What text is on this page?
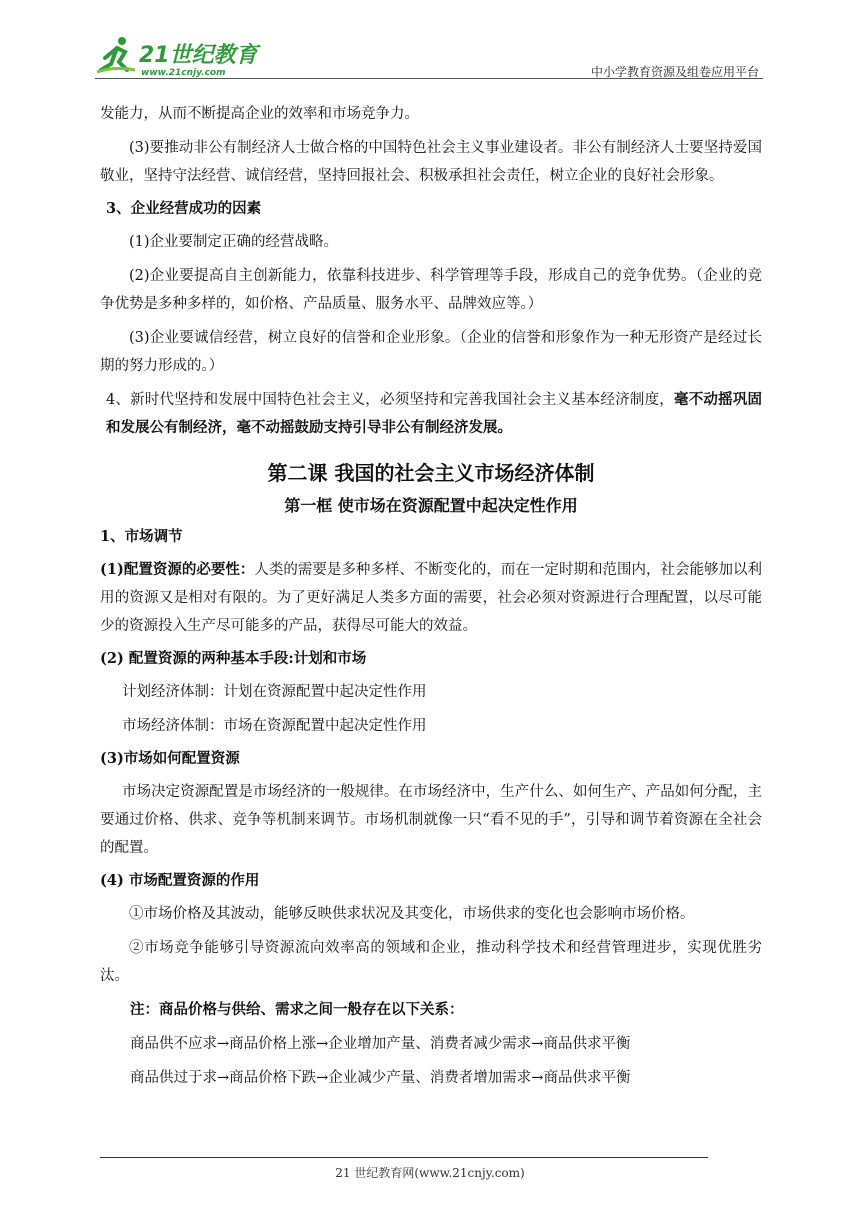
21世纪教育
www.21cnjy.com	中小学教育资源及组卷应用平台

发能力，从而不断提高企业的效率和市场竞争力。

(3)要推动非公有制经济人士做合格的中国特色社会主义事业建设者。非公有制经济人士要坚持爱国敬业，坚持守法经营、诚信经营，坚持回报社会、积极承担社会责任，树立企业的良好社会形象。

3、企业经营成功的因素

(1)企业要制定正确的经营战略。

(2)企业要提高自主创新能力，依靠科技进步、科学管理等手段，形成自己的竞争优势。（企业的竞争优势是多种多样的，如价格、产品质量、服务水平、品牌效应等。）

(3)企业要诚信经营，树立良好的信誉和企业形象。（企业的信誉和形象作为一种无形资产是经过长期的努力形成的。）

4、新时代坚持和发展中国特色社会主义，必须坚持和完善我国社会主义基本经济制度，毫不动摇巩固和发展公有制经济，毫不动摇鼓励支持引导非公有制经济发展。

第二课 我国的社会主义市场经济体制
第一框 使市场在资源配置中起决定性作用
1、市场调节

(1)配置资源的必要性：人类的需要是多种多样、不断变化的，而在一定时期和范围内，社会能够加以利用的资源又是相对有限的。为了更好满足人类多方面的需要，社会必须对资源进行合理配置，以尽可能少的资源投入生产尽可能多的产品，获得尽可能大的效益。

(2) 配置资源的两种基本手段:计划和市场

计划经济体制：计划在资源配置中起决定性作用

市场经济体制：市场在资源配置中起决定性作用

(3)市场如何配置资源

市场决定资源配置是市场经济的一般规律。在市场经济中，生产什么、如何生产、产品如何分配，主要通过价格、供求、竞争等机制来调节。市场机制就像一只“看不见的手”，引导和调节着资源在全社会的配置。

(4) 市场配置资源的作用

①市场价格及其波动，能够反映供求状况及其变化，市场供求的变化也会影响市场价格。

②市场竞争能够引导资源流向效率高的领域和企业，推动科学技术和经营管理进步，实现优胜劣汰。

注：商品价格与供给、需求之间一般存在以下关系：

商品供不应求→商品价格上涨→企业增加产量、消费者减少需求→商品供求平衡

商品供过于求→商品价格下跌→企业减少产量、消费者增加需求→商品供求平衡

21 世纪教育网(www.21cnjy.com)
